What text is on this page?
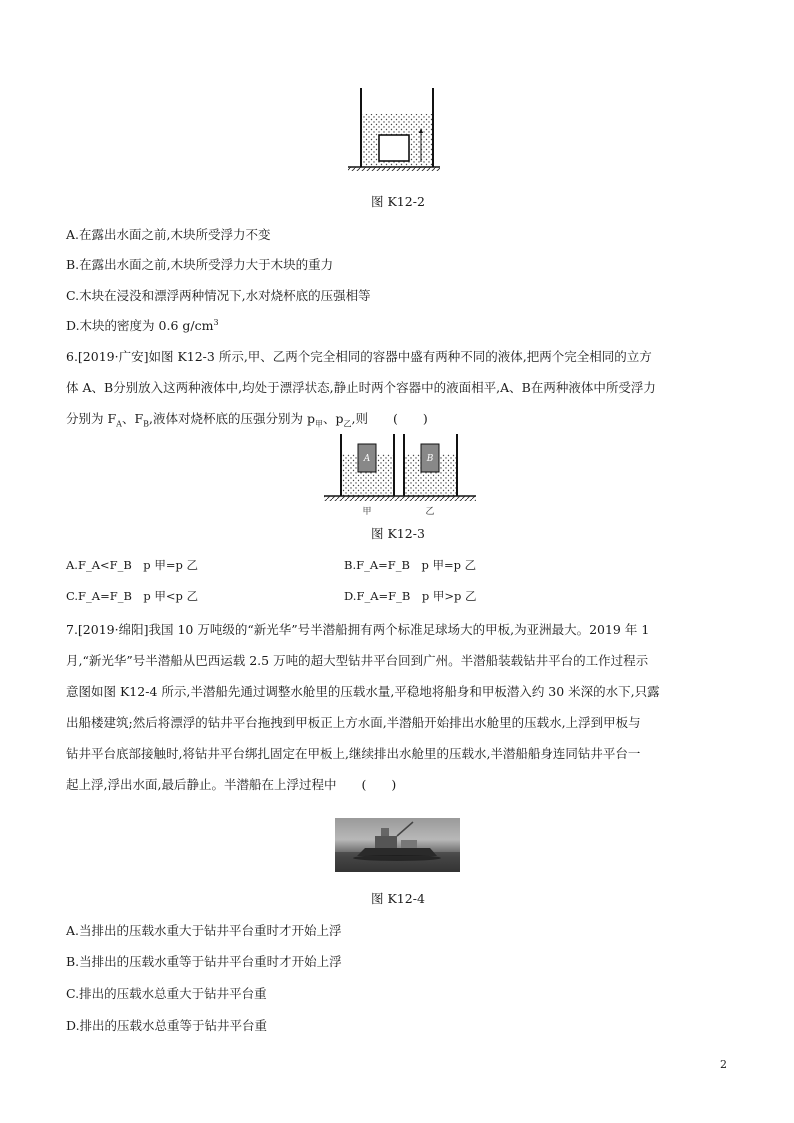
图 K12-2
A.在露出水面之前,木块所受浮力不变
B.在露出水面之前,木块所受浮力大于木块的重力
C.木块在浸没和漂浮两种情况下,水对烧杯底的压强相等
D.木块的密度为 0.6 $g/cm^3$
6.[2019·广安]如图 K12-3 所示,甲、乙两个完全相同的容器中盛有两种不同的液体,把两个完全相同的立方
体 A、B分别放入这两种液体中,均处于漂浮状态,静止时两个容器中的液面相平,A、B在两种液体中所受浮力
分别为 $F_A$、$F_B$,液体对烧杯底的压强分别为 $p_甲$、$p_乙$,则　　(　　)
A	B
甲	乙
图 K12-3
A.F_A<F_B　p 甲=p 乙	B.F_A=F_B　p 甲=p 乙
C.F_A=F_B　p 甲<p 乙	D.F_A=F_B　p 甲>p 乙
7.[2019·绵阳]我国 10 万吨级的“新光华”号半潜船拥有两个标准足球场大的甲板,为亚洲最大。2019 年 1
月,“新光华”号半潜船从巴西运载 2.5 万吨的超大型钻井平台回到广州。半潜船装载钻井平台的工作过程示
意图如图 K12-4 所示,半潜船先通过调整水舱里的压载水量,平稳地将船身和甲板潜入约 30 米深的水下,只露
出船楼建筑;然后将漂浮的钻井平台拖拽到甲板正上方水面,半潜船开始排出水舱里的压载水,上浮到甲板与
钻井平台底部接触时,将钻井平台绑扎固定在甲板上,继续排出水舱里的压载水,半潜船船身连同钻井平台一
起上浮,浮出水面,最后静止。半潜船在上浮过程中　　(　　)
图 K12-4
A.当排出的压载水重大于钻井平台重时才开始上浮
B.当排出的压载水重等于钻井平台重时才开始上浮
C.排出的压载水总重大于钻井平台重
D.排出的压载水总重等于钻井平台重
2
